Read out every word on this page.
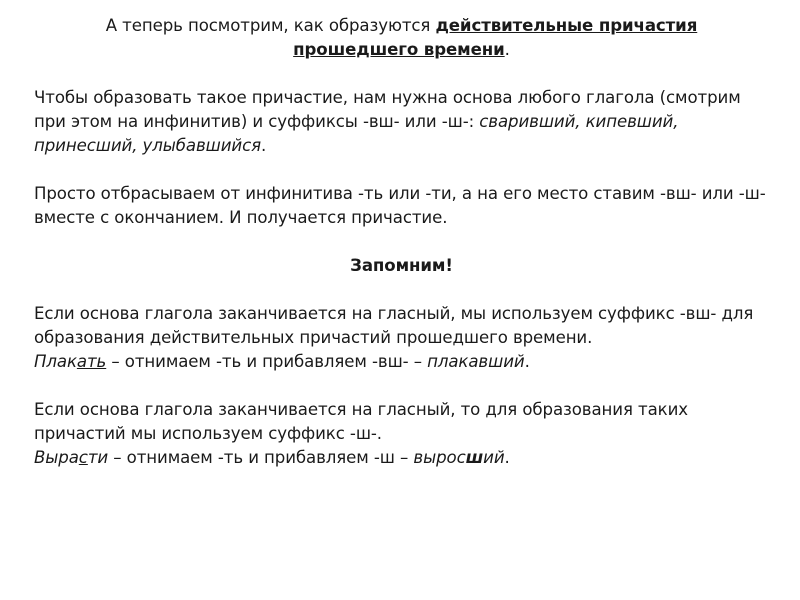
А теперь посмотрим, как образуются действительные причастия
прошедшего времени.
Чтобы образовать такое причастие, нам нужна основа любого глагола (смотрим при этом на инфинитив) и суффиксы -вш- или -ш-: сваривший, кипевший, принесший, улыбавшийся.
Просто отбрасываем от инфинитива -ть или -ти, а на его место ставим -вш- или -ш- вместе с окончанием. И получается причастие.
Запомним!
Если основа глагола заканчивается на гласный, мы используем суффикс -вш- для образования действительных причастий прошедшего времени.
Плакать – отнимаем -ть и прибавляем -вш- – плакавший.
Если основа глагола заканчивается на гласный, то для образования таких причастий мы используем суффикс -ш-.
Вырасти – отнимаем -ть и прибавляем -ш – выросший.
